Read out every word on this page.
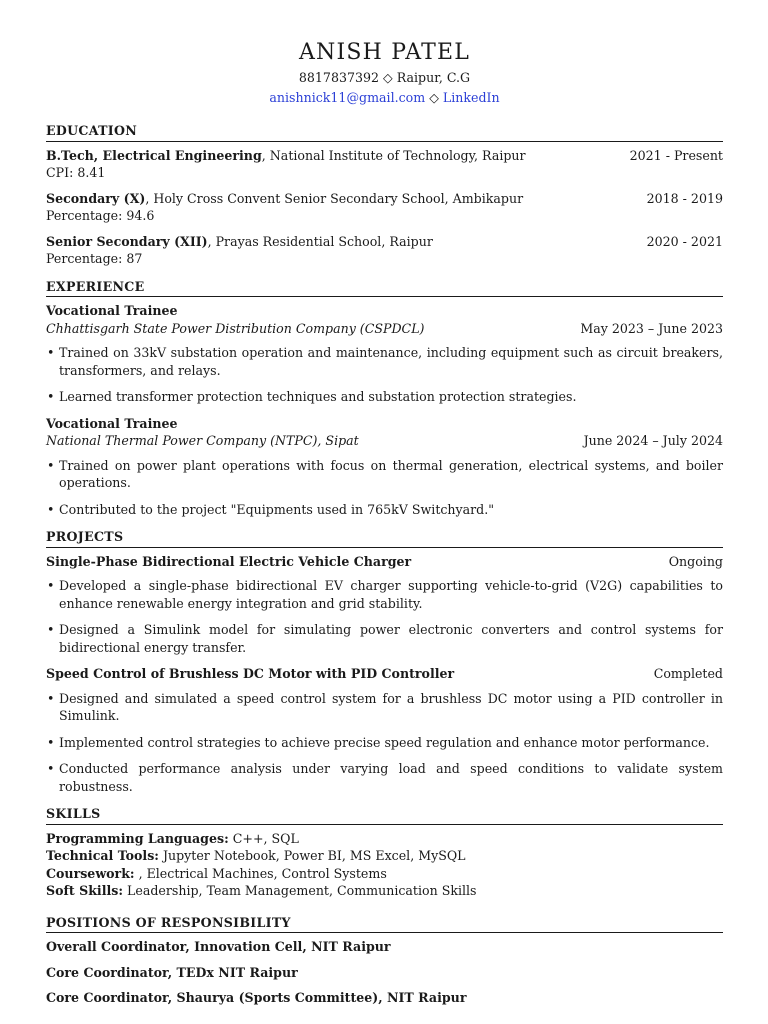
ANISH PATEL
8817837392 ◇ Raipur, C.G
anishnick11@gmail.com ◇ LinkedIn
EDUCATION
B.Tech, Electrical Engineering, National Institute of Technology, Raipur	2021 - Present
CPI: 8.41
Secondary (X), Holy Cross Convent Senior Secondary School, Ambikapur	2018 - 2019
Percentage: 94.6
Senior Secondary (XII), Prayas Residential School, Raipur	2020 - 2021
Percentage: 87
EXPERIENCE
Vocational Trainee
Chhattisgarh State Power Distribution Company (CSPDCL)	May 2023 – June 2023
• Trained on 33kV substation operation and maintenance, including equipment such as circuit breakers, transformers, and relays.
• Learned transformer protection techniques and substation protection strategies.
Vocational Trainee
National Thermal Power Company (NTPC), Sipat	June 2024 – July 2024
• Trained on power plant operations with focus on thermal generation, electrical systems, and boiler operations.
• Contributed to the project "Equipments used in 765kV Switchyard."
PROJECTS
Single-Phase Bidirectional Electric Vehicle Charger	Ongoing
• Developed a single-phase bidirectional EV charger supporting vehicle-to-grid (V2G) capabilities to enhance renewable energy integration and grid stability.
• Designed a Simulink model for simulating power electronic converters and control systems for bidirectional energy transfer.
Speed Control of Brushless DC Motor with PID Controller	Completed
• Designed and simulated a speed control system for a brushless DC motor using a PID controller in Simulink.
• Implemented control strategies to achieve precise speed regulation and enhance motor performance.
• Conducted performance analysis under varying load and speed conditions to validate system robustness.
SKILLS
Programming Languages: C++, SQL
Technical Tools: Jupyter Notebook, Power BI, MS Excel, MySQL
Coursework: , Electrical Machines, Control Systems
Soft Skills: Leadership, Team Management, Communication Skills
POSITIONS OF RESPONSIBILITY
Overall Coordinator, Innovation Cell, NIT Raipur
Core Coordinator, TEDx NIT Raipur
Core Coordinator, Shaurya (Sports Committee), NIT Raipur
